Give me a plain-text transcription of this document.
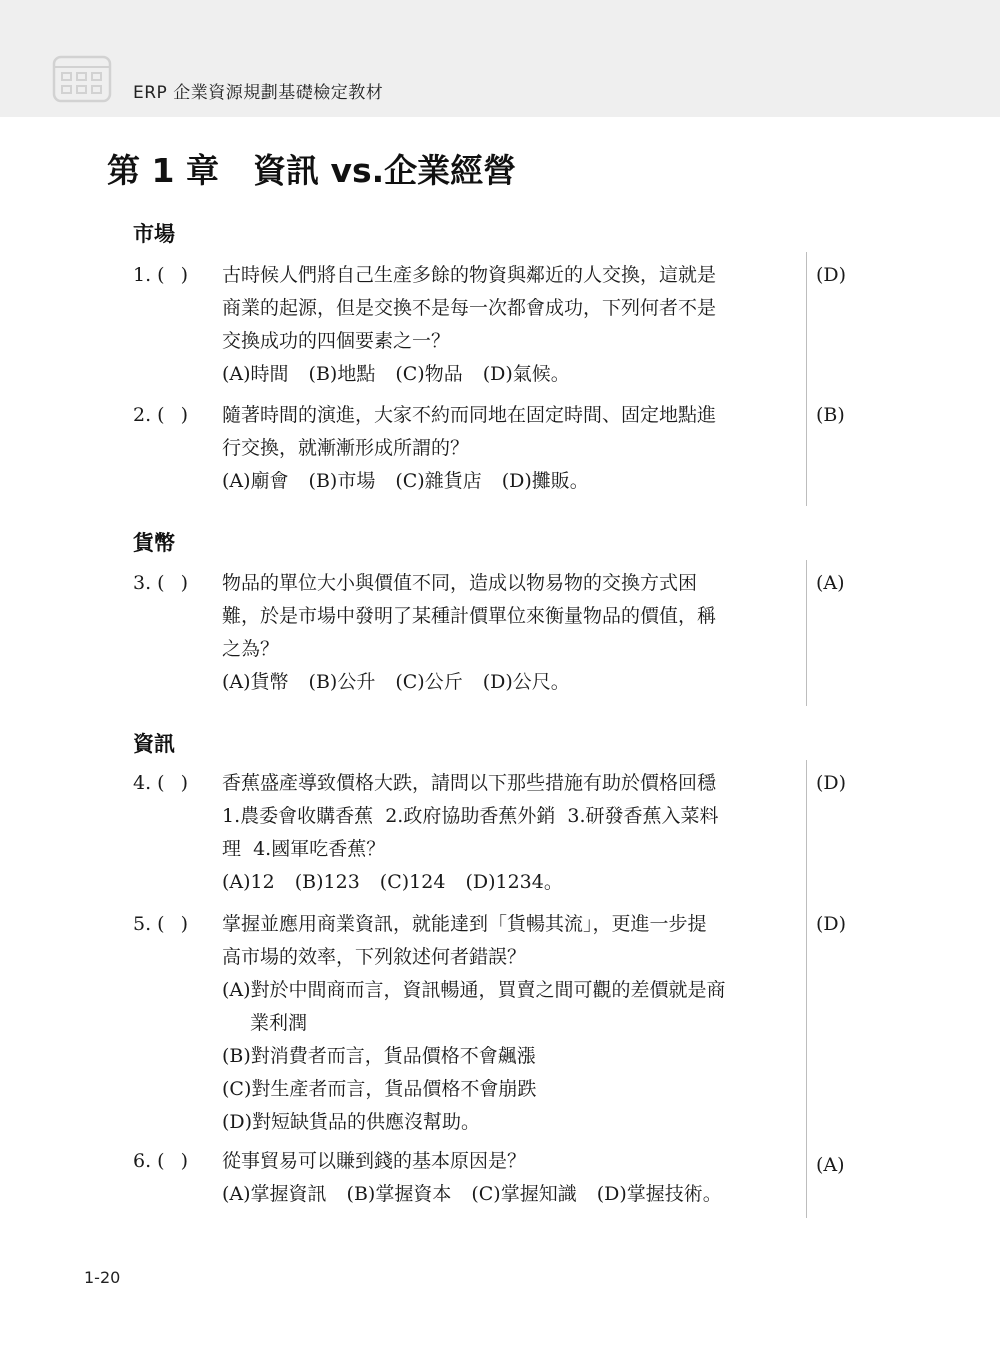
ERP 企業資源規劃基礎檢定教材
第 1 章 資訊 vs.企業經營
市場
1. ( ) 古時候人們將自己生產多餘的物資與鄰近的人交換，這就是
商業的起源，但是交換不是每一次都會成功，下列何者不是
交換成功的四個要素之一？
(A)時間 (B)地點 (C)物品 (D)氣候。
(D)
2. ( ) 隨著時間的演進，大家不約而同地在固定時間、固定地點進
行交換，就漸漸形成所謂的？
(A)廟會 (B)市場 (C)雜貨店 (D)攤販。
(B)
貨幣
3. ( ) 物品的單位大小與價值不同，造成以物易物的交換方式困
難，於是市場中發明了某種計價單位來衡量物品的價值，稱
之為？
(A)貨幣 (B)公升 (C)公斤 (D)公尺。
(A)
資訊
4. ( ) 香蕉盛產導致價格大跌，請問以下那些措施有助於價格回穩
1.農委會收購香蕉  2.政府協助香蕉外銷  3.研發香蕉入菜料
理  4.國軍吃香蕉？
(A)12 (B)123 (C)124 (D)1234。
(D)
5. ( ) 掌握並應用商業資訊，就能達到「貨暢其流」，更進一步提
高市場的效率，下列敘述何者錯誤？
(A)對於中間商而言，資訊暢通，買賣之間可觀的差價就是商
業利潤
(B)對消費者而言，貨品價格不會飆漲
(C)對生產者而言，貨品價格不會崩跌
(D)對短缺貨品的供應沒幫助。
(D)
6. ( ) 從事貿易可以賺到錢的基本原因是？
(A)掌握資訊 (B)掌握資本 (C)掌握知識 (D)掌握技術。
(A)
1-20
